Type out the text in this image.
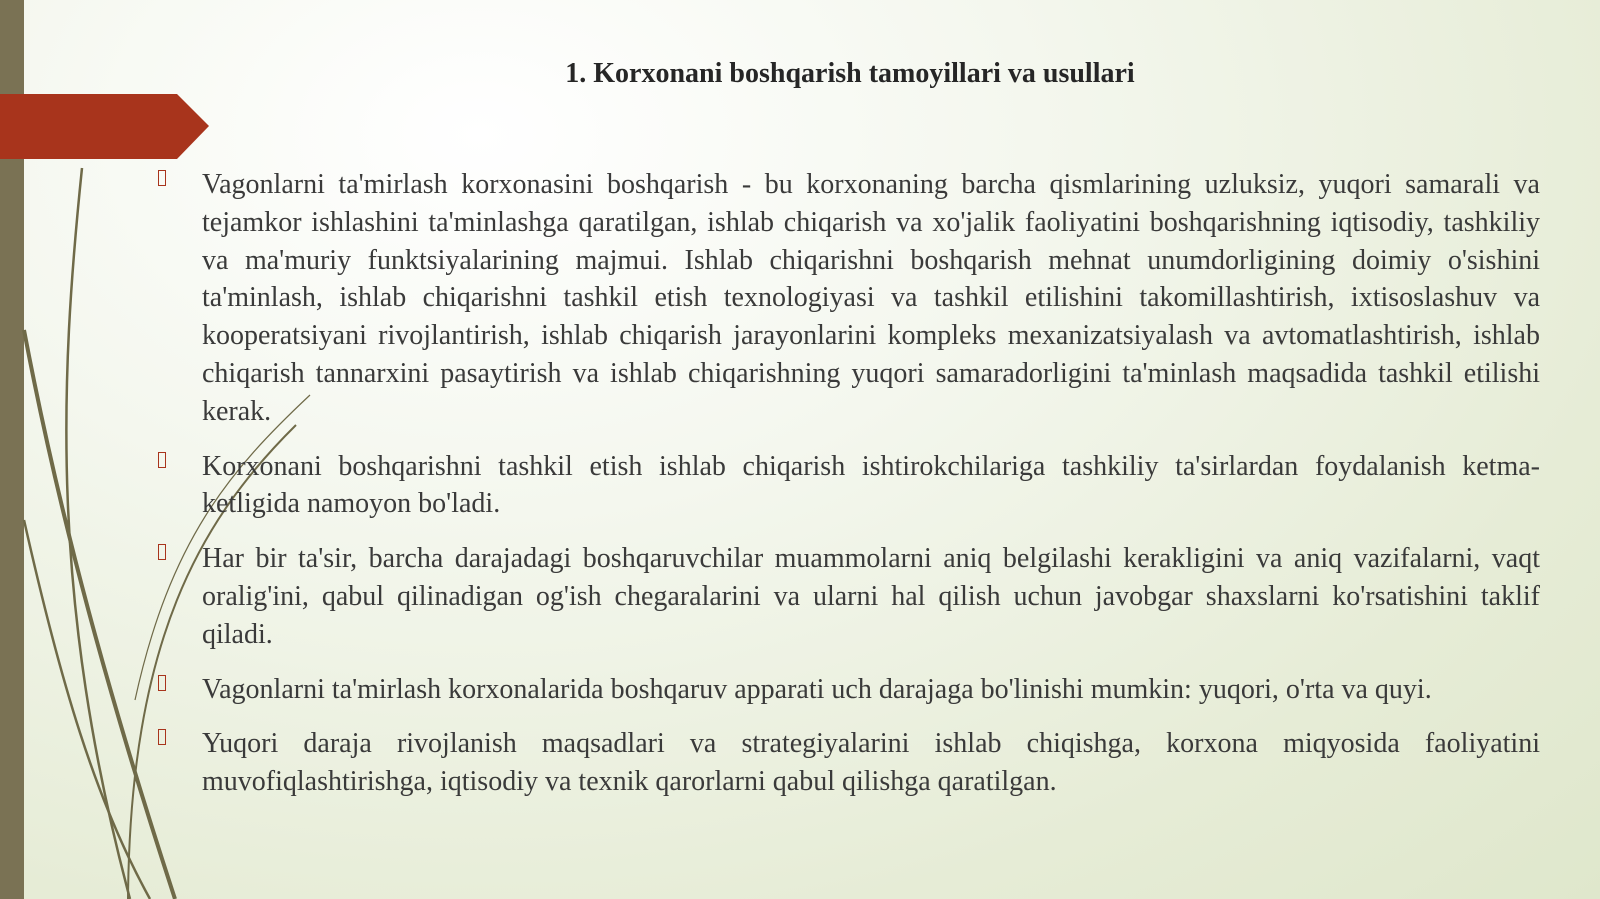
1. Korxonani boshqarish tamoyillari va usullari
Vagonlarni ta'mirlash korxonasini boshqarish - bu korxonaning barcha qismlarining uzluksiz, yuqori samarali va tejamkor ishlashini ta'minlashga qaratilgan, ishlab chiqarish va xo'jalik faoliyatini boshqarishning iqtisodiy, tashkiliy va ma'muriy funktsiyalarining majmui. Ishlab chiqarishni boshqarish mehnat unumdorligining doimiy o'sishini ta'minlash, ishlab chiqarishni tashkil etish texnologiyasi va tashkil etilishini takomillashtirish, ixtisoslashuv va kooperatsiyani rivojlantirish, ishlab chiqarish jarayonlarini kompleks mexanizatsiyalash va avtomatlashtirish, ishlab chiqarish tannarxini pasaytirish va ishlab chiqarishning yuqori samaradorligini ta'minlash maqsadida tashkil etilishi kerak.
Korxonani boshqarishni tashkil etish ishlab chiqarish ishtirokchilariga tashkiliy ta'sirlardan foydalanish ketma-ketligida namoyon bo'ladi.
Har bir ta'sir, barcha darajadagi boshqaruvchilar muammolarni aniq belgilashi kerakligini va aniq vazifalarni, vaqt oralig'ini, qabul qilinadigan og'ish chegaralarini va ularni hal qilish uchun javobgar shaxslarni ko'rsatishini taklif qiladi.
Vagonlarni ta'mirlash korxonalarida boshqaruv apparati uch darajaga bo'linishi mumkin: yuqori, o'rta va quyi.
Yuqori daraja rivojlanish maqsadlari va strategiyalarini ishlab chiqishga, korxona miqyosida faoliyatini muvofiqlashtirishga, iqtisodiy va texnik qarorlarni qabul qilishga qaratilgan.
